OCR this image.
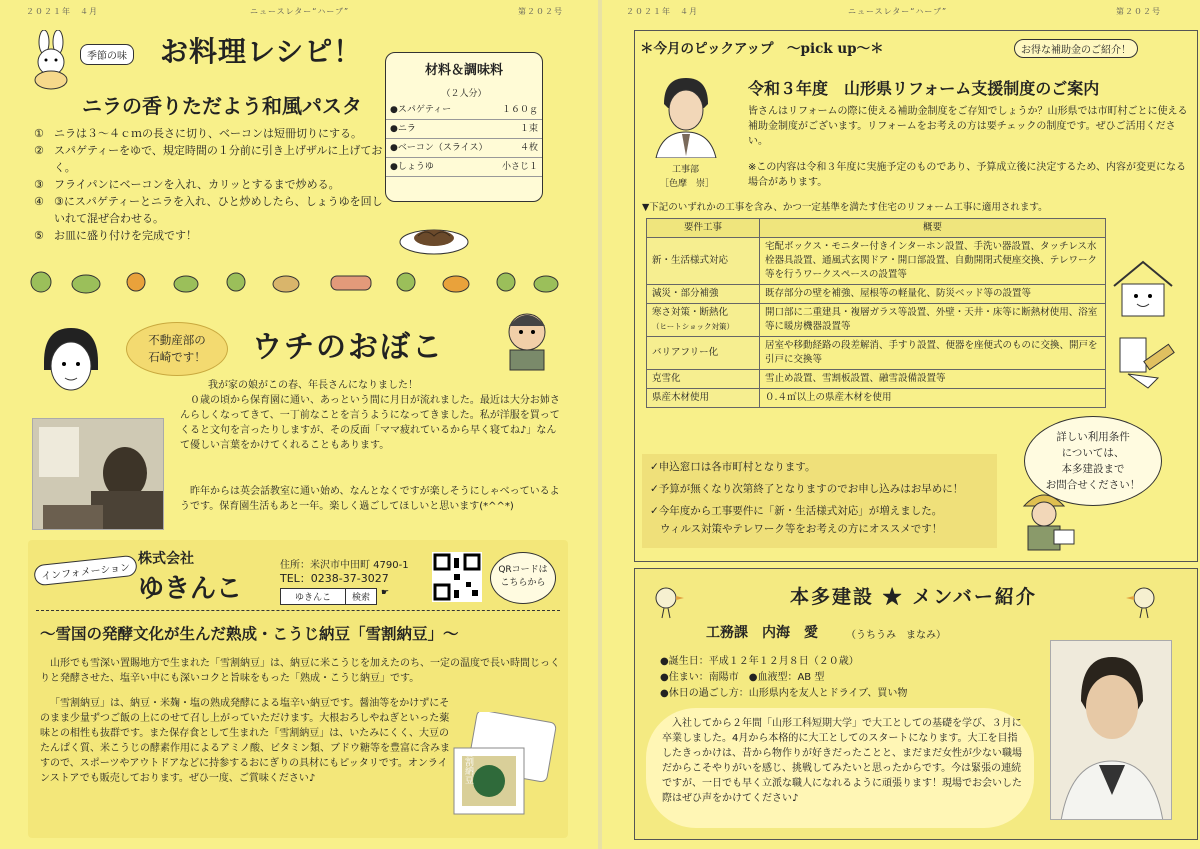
２０２１年　４月	ニュースレター“ハーブ”	第２０２号
季節の味 お料理レシピ！
ニラの香りただよう和風パスタ
① ニラは３～４ｃｍの長さに切り、ベーコンは短冊切りにする。
② スパゲティーをゆで、規定時間の１分前に引き上げザルに上げておく。
③ フライパンにベーコンを入れ、カリッとするまで炒める。
④ ③にスパゲティーとニラを入れ、ひと炒めしたら、しょうゆを回しいれて混ぜ合わせる。
⑤ お皿に盛り付けを完成です！
材料＆調味料
（２人分）
●スパゲティー	１６０ｇ
●ニラ	１束
●ベーコン（スライス）	４枚
●しょうゆ	小さじ１
不動産部の
石崎です！	ウチのおぼこ
我が家の娘がこの春、年長さんになりました！
０歳の頃から保育園に通い、あっという間に月日が流れました。最近は大分お姉さんらしくなってきて、一丁前なことを言うようになってきました。私が洋服を買ってくると文句を言ったりしますが、その反面「ママ疲れているから早く寝てね♪」なんて優しい言葉をかけてくれることもあります。
昨年からは英会話教室に通い始め、なんとなくですが楽しそうにしゃべっているようです。保育園生活もあと一年。楽しく過ごしてほしいと思います(*^^*)
インフォメーション
株式会社
ゆきんこ
住所：米沢市中田町 4790-1
TEL：0238-37-3027
ゆきんこ	検索	☛
QRコードは
こちらから
～雪国の発酵文化が生んだ熟成・こうじ納豆「雪割納豆」～
山形でも雪深い置賜地方で生まれた「雪割納豆」は、納豆に米こうじを加えたのち、一定の温度で長い時間じっくりと発酵させた、塩辛い中にも深いコクと旨味をもった「熟成・こうじ納豆」です。
「雪割納豆」は、納豆・米麹・塩の熟成発酵による塩辛い納豆です。醤油等をかけずにそのまま少量ずつご飯の上にのせて召し上がっていただけます。大根おろしやねぎといった薬味との相性も抜群です。また保存食として生まれた「雪割納豆」は、いたみにくく、大豆のたんぱく質、米こうじの酵素作用によるアミノ酸、ビタミン類、ブドウ糖等を豊富に含みますので、スポーツやアウトドアなどに持参するおにぎりの具材にもピッタリです。オンラインストアでも販売しております。ぜひ一度、ご賞味ください♪	雪割納豆
２０２１年　４月	ニュースレター“ハーブ”	第２０２号
＊今月のピックアップ　～pick up～＊	お得な補助金のご紹介！
工事部
［色摩　崇］
令和３年度　山形県リフォーム支援制度のご案内
皆さんはリフォームの際に使える補助金制度をご存知でしょうか？山形県では市町村ごとに使える補助金制度がございます。リフォームをお考えの方は要チェックの制度です。ぜひご活用ください。
※この内容は令和３年度に実施予定のものであり、予算成立後に決定するため、内容が変更になる場合があります。
▼下記のいずれかの工事を含み、かつ一定基準を満たす住宅のリフォーム工事に適用されます。
要件工事	概要
新・生活様式対応	宅配ボックス・モニター付きインターホン設置、手洗い器設置、タッチレス水栓器具設置、通風式玄関ドア・開口部設置、自動開閉式便座交換、テレワーク等を行うワークスペースの設置等
減災・部分補強	既存部分の壁を補強、屋根等の軽量化、防災ベッド等の設置等

寒さ対策・断熱化
（ヒートショック対策）	開口部に二重建具・複層ガラス等設置、外壁・天井・床等に断熱材使用、浴室等に暖房機器設置等
バリアフリー化	居室や移動経路の段差解消、手すり設置、便器を座便式のものに交換、開戸を引戸に交換等
克雪化	雪止め設置、雪割板設置、融雪設備設置等
県産木材使用	０.４㎥以上の県産木材を使用
✓申込窓口は各市町村となります。
✓予算が無くなり次第終了となりますのでお申し込みはお早めに！
✓今年度から工事要件に「新・生活様式対応」が増えました。
ウィルス対策やテレワーク等をお考えの方にオススメです！
詳しい利用条件
については、
本多建設まで
お問合せください！
本多建設 ★ メンバー紹介
工務課　内海　愛	（うちうみ　まなみ）
●誕生日：平成１２年１２月８日（２０歳）
●住まい：南陽市　●血液型：AB 型
●休日の過ごし方：山形県内を友人とドライブ、買い物
入社してから２年間「山形工科短期大学」で大工としての基礎を学び、３月に卒業しました。4月から本格的に大工としてのスタートになります。大工を目指したきっかけは、昔から物作りが好きだったことと、まだまだ女性が少ない職場だからこそやりがいを感じ、挑戦してみたいと思ったからです。今は緊張の連続ですが、一日でも早く立派な職人になれるように頑張ります！現場でお会いした際はぜひ声をかけてください♪
